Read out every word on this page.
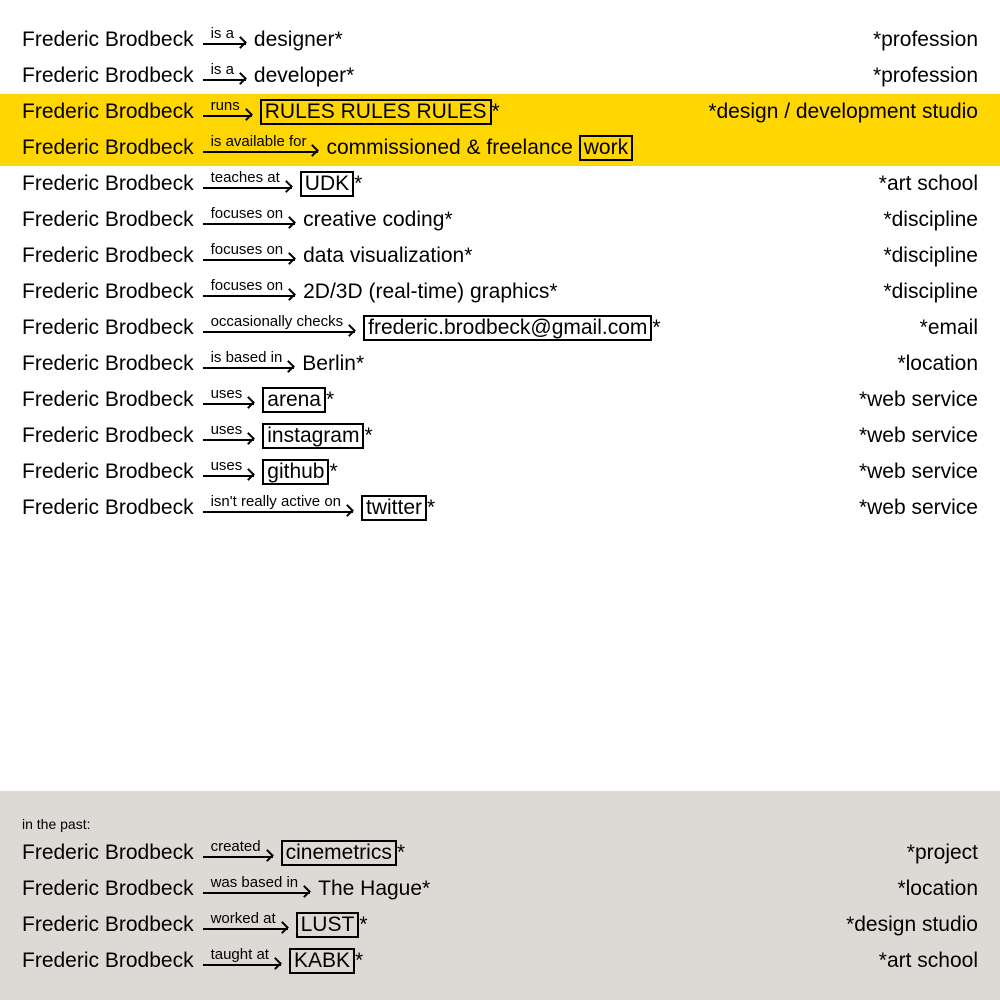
Frederic Brodbeck	is a designer *	*profession
Frederic Brodbeck	is a developer *	*profession
Frederic Brodbeck	runs	RULES RULES RULES *	*design / development studio
Frederic Brodbeck	is available for commissioned & freelance work
Frederic Brodbeck	teaches at	UDK *	*art school
Frederic Brodbeck	focuses on creative coding *	*discipline
Frederic Brodbeck	focuses on data visualization *	*discipline
Frederic Brodbeck	focuses on 2D/3D (real-time) graphics *	*discipline
Frederic Brodbeck	occasionally checks	frederic.brodbeck@gmail.com *	*email
Frederic Brodbeck	is based in Berlin *	*location
Frederic Brodbeck	uses	arena *	*web service
Frederic Brodbeck	uses	instagram *	*web service
Frederic Brodbeck	uses	github *	*web service
Frederic Brodbeck	isn't really active on	twitter *	*web service
in the past:
Frederic Brodbeck	created	cinemetrics *	*project
Frederic Brodbeck	was based in The Hague *	*location
Frederic Brodbeck	worked at	LUST *	*design studio
Frederic Brodbeck	taught at	KABK *	*art school
